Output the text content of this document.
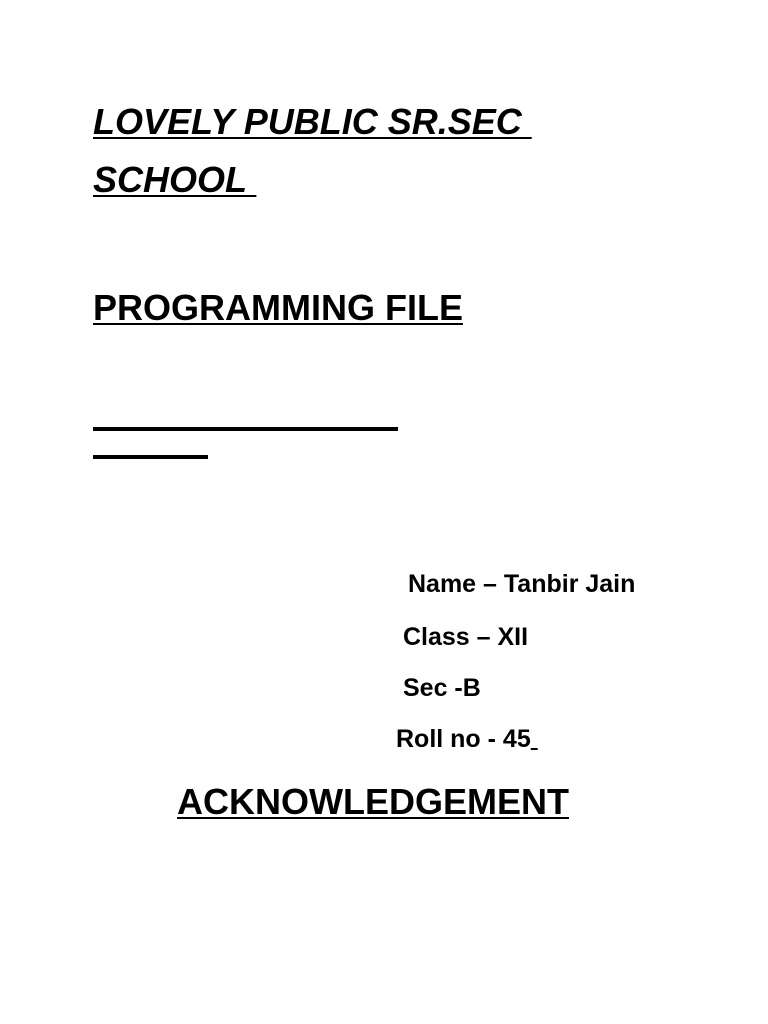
LOVELY PUBLIC SR.SEC
SCHOOL
PROGRAMMING FILE

Name – Tanbir Jain

Class – XII

Sec -B

Roll no - 45

ACKNOWLEDGEMENT
